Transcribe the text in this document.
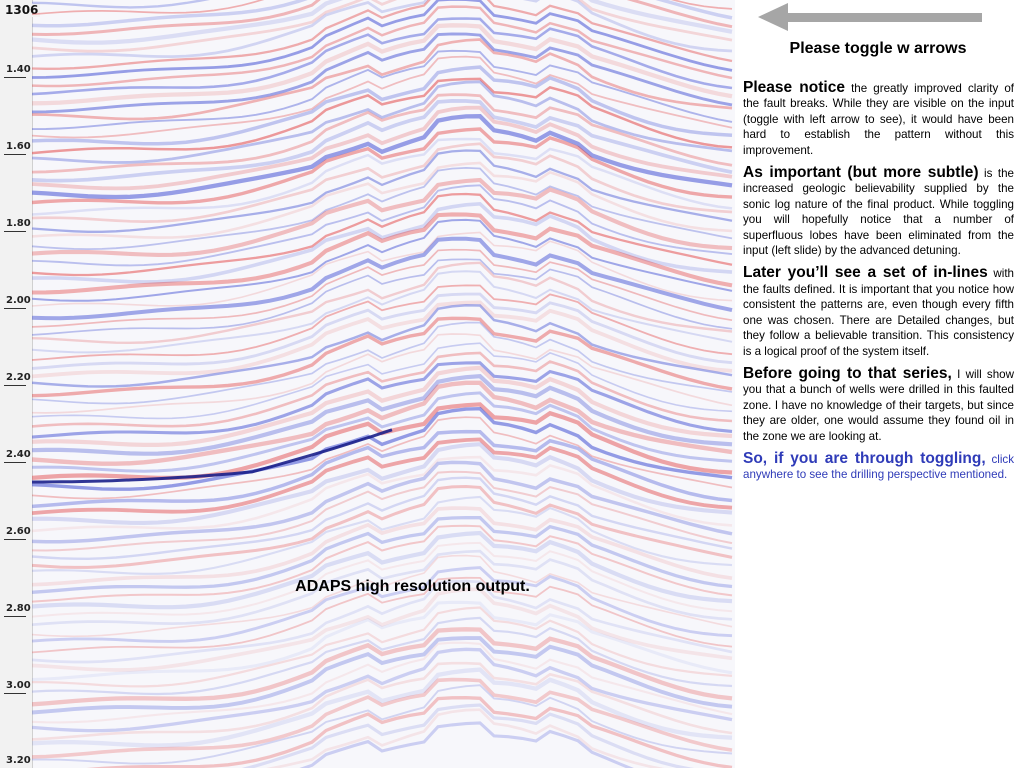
1306
1.40
1.60
1.80
2.00
2.20
2.40
2.60
2.80
3.00
3.20
ADAPS high resolution output.
Please toggle w arrows

Please notice the greatly improved clarity of the fault breaks. While they are visible on the input (toggle with left arrow to see), it would have been hard to establish the pattern without this improvement.

As important (but more subtle) is the increased geologic believability supplied by the sonic log nature of the final product. While toggling you will hopefully notice that a number of superfluous lobes have been eliminated from the input (left slide) by the advanced detuning.

Later you’ll see a set of in-lines with the faults defined. It is important that you notice how consistent the patterns are, even though every fifth one was chosen. There are Detailed changes, but they follow a believable transition. This consistency is a logical proof of the system itself.

Before going to that series, I will show you that a bunch of wells were drilled in this faulted zone. I have no knowledge of their targets, but since they are older, one would assume they found oil in the zone we are looking at.

So, if you are through toggling, click anywhere to see the drilling perspective mentioned.
